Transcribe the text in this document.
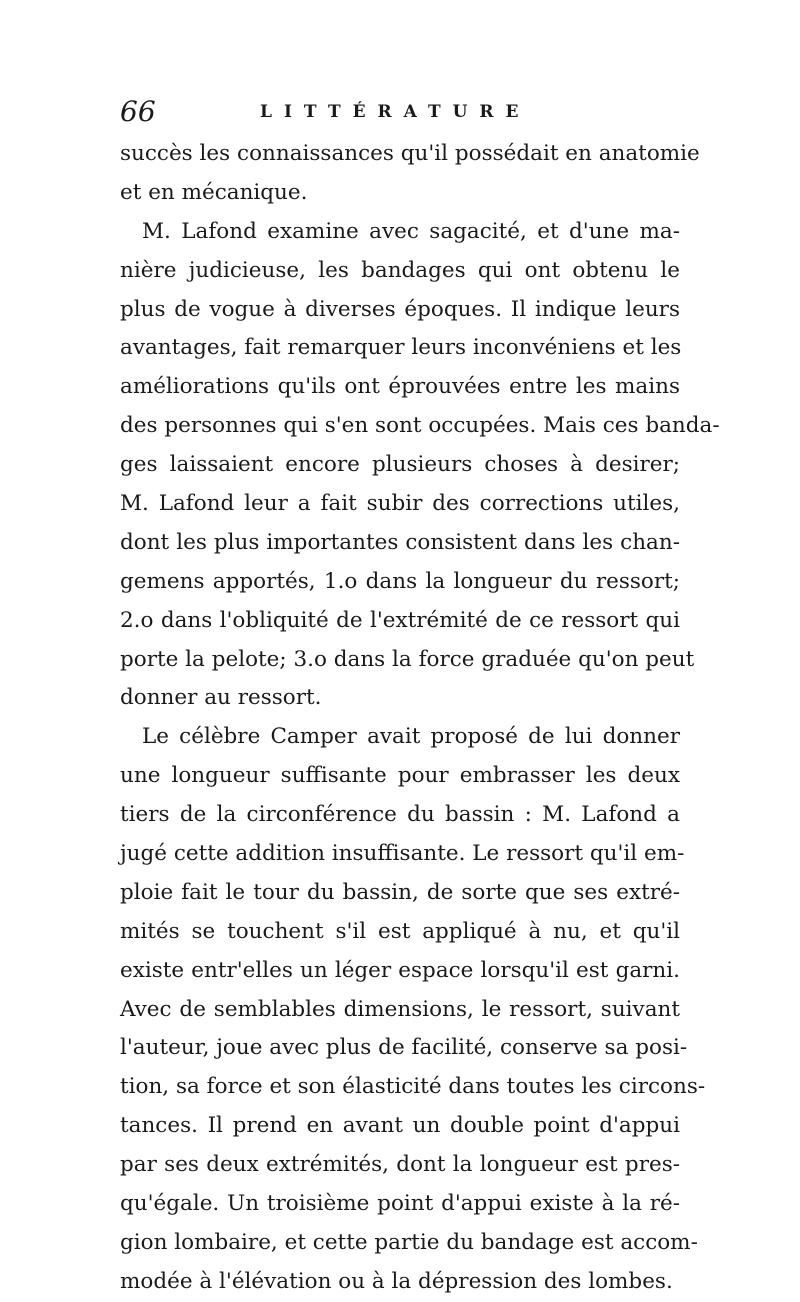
66	LITTÉRATURE
succès les connaissances qu'il possédait en anatomie
et en mécanique.
M. Lafond examine avec sagacité, et d'une ma-
nière judicieuse, les bandages qui ont obtenu le
plus de vogue à diverses époques. Il indique leurs
avantages, fait remarquer leurs inconvéniens et les
améliorations qu'ils ont éprouvées entre les mains
des personnes qui s'en sont occupées. Mais ces banda-
ges laissaient encore plusieurs choses à desirer;
M. Lafond leur a fait subir des corrections utiles,
dont les plus importantes consistent dans les chan-
gemens apportés, 1.o dans la longueur du ressort;
2.o dans l'obliquité de l'extrémité de ce ressort qui
porte la pelote; 3.o dans la force graduée qu'on peut
donner au ressort.
Le célèbre Camper avait proposé de lui donner
une longueur suffisante pour embrasser les deux
tiers de la circonférence du bassin : M. Lafond a
jugé cette addition insuffisante. Le ressort qu'il em-
ploie fait le tour du bassin, de sorte que ses extré-
mités se touchent s'il est appliqué à nu, et qu'il
existe entr'elles un léger espace lorsqu'il est garni.
Avec de semblables dimensions, le ressort, suivant
l'auteur, joue avec plus de facilité, conserve sa posi-
tion, sa force et son élasticité dans toutes les circons-
tances. Il prend en avant un double point d'appui
par ses deux extrémités, dont la longueur est pres-
qu'égale. Un troisième point d'appui existe à la ré-
gion lombaire, et cette partie du bandage est accom-
modée à l'élévation ou à la dépression des lombes.
